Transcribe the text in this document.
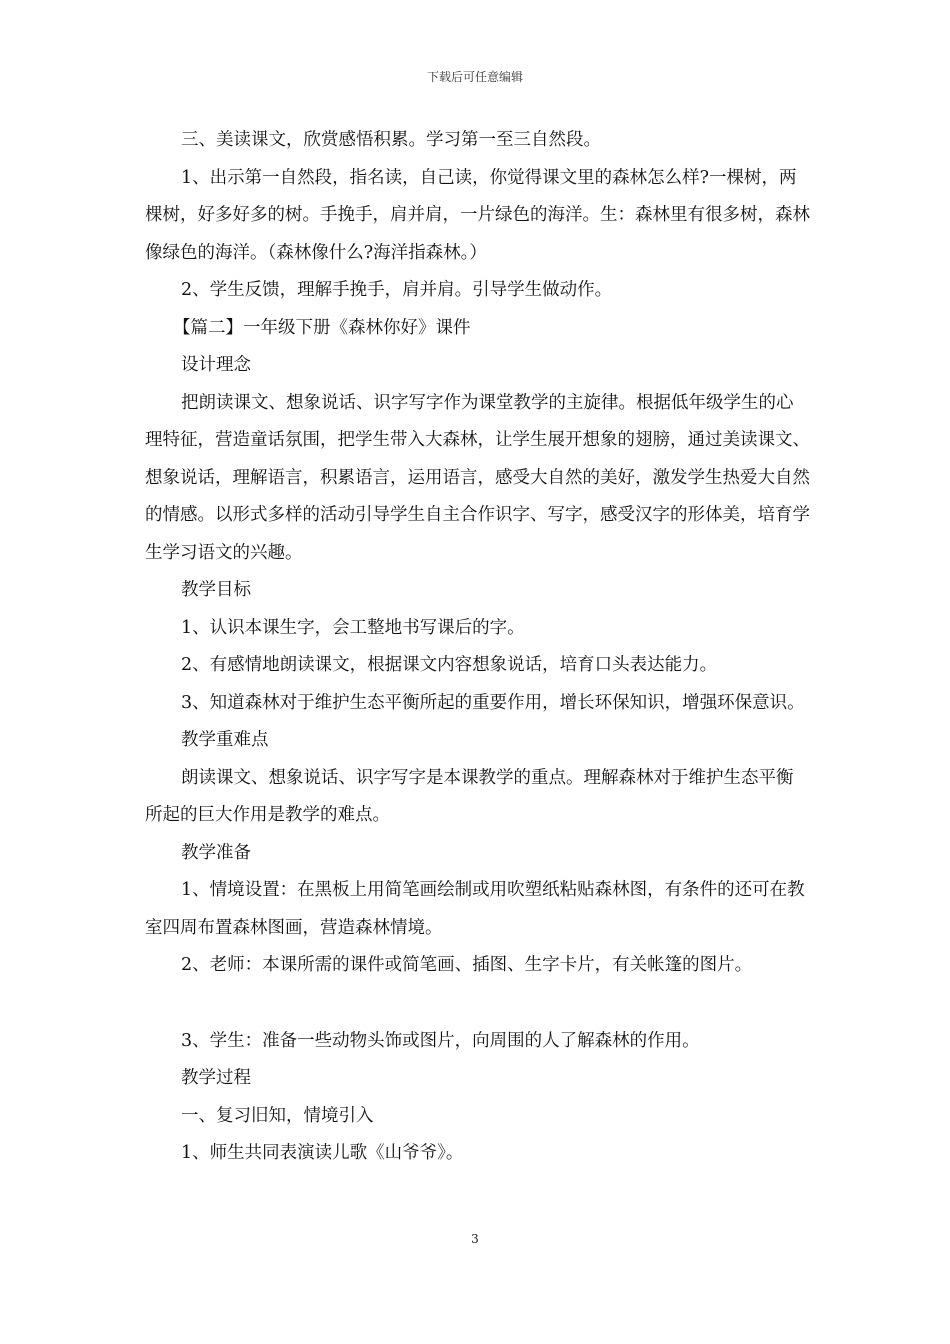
下载后可任意编辑

三、美读课文，欣赏感悟积累。学习第一至三自然段。

1、出示第一自然段，指名读，自己读，你觉得课文里的森林怎么样?一棵树，两棵树，好多好多的树。手挽手，肩并肩，一片绿色的海洋。生：森林里有很多树，森林像绿色的海洋。（森林像什么?海洋指森林。）

2、学生反馈，理解手挽手，肩并肩。引导学生做动作。

【篇二】一年级下册《森林你好》课件

设计理念

把朗读课文、想象说话、识字写字作为课堂教学的主旋律。根据低年级学生的心理特征，营造童话氛围，把学生带入大森林，让学生展开想象的翅膀，通过美读课文、想象说话，理解语言，积累语言，运用语言，感受大自然的美好，激发学生热爱大自然的情感。以形式多样的活动引导学生自主合作识字、写字，感受汉字的形体美，培育学生学习语文的兴趣。

教学目标

1、认识本课生字，会工整地书写课后的字。

2、有感情地朗读课文，根据课文内容想象说话，培育口头表达能力。

3、知道森林对于维护生态平衡所起的重要作用，增长环保知识，增强环保意识。

教学重难点

朗读课文、想象说话、识字写字是本课教学的重点。理解森林对于维护生态平衡所起的巨大作用是教学的难点。

教学准备

1、情境设置：在黑板上用简笔画绘制或用吹塑纸粘贴森林图，有条件的还可在教室四周布置森林图画，营造森林情境。

2、老师：本课所需的课件或简笔画、插图、生字卡片，有关帐篷的图片。

3、学生：准备一些动物头饰或图片，向周围的人了解森林的作用。

教学过程

一、复习旧知，情境引入

1、师生共同表演读儿歌《山爷爷》。

3
